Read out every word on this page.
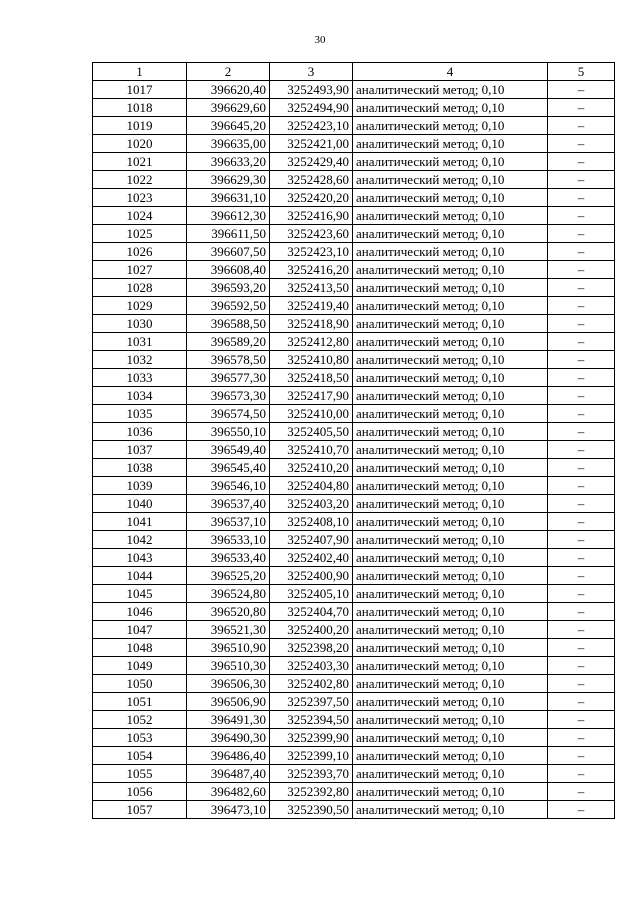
30
1	2	3	4	5
1017	396620,40	3252493,90	аналитический метод; 0,10	–
1018	396629,60	3252494,90	аналитический метод; 0,10	–
1019	396645,20	3252423,10	аналитический метод; 0,10	–
1020	396635,00	3252421,00	аналитический метод; 0,10	–
1021	396633,20	3252429,40	аналитический метод; 0,10	–
1022	396629,30	3252428,60	аналитический метод; 0,10	–
1023	396631,10	3252420,20	аналитический метод; 0,10	–
1024	396612,30	3252416,90	аналитический метод; 0,10	–
1025	396611,50	3252423,60	аналитический метод; 0,10	–
1026	396607,50	3252423,10	аналитический метод; 0,10	–
1027	396608,40	3252416,20	аналитический метод; 0,10	–
1028	396593,20	3252413,50	аналитический метод; 0,10	–
1029	396592,50	3252419,40	аналитический метод; 0,10	–
1030	396588,50	3252418,90	аналитический метод; 0,10	–
1031	396589,20	3252412,80	аналитический метод; 0,10	–
1032	396578,50	3252410,80	аналитический метод; 0,10	–
1033	396577,30	3252418,50	аналитический метод; 0,10	–
1034	396573,30	3252417,90	аналитический метод; 0,10	–
1035	396574,50	3252410,00	аналитический метод; 0,10	–
1036	396550,10	3252405,50	аналитический метод; 0,10	–
1037	396549,40	3252410,70	аналитический метод; 0,10	–
1038	396545,40	3252410,20	аналитический метод; 0,10	–
1039	396546,10	3252404,80	аналитический метод; 0,10	–
1040	396537,40	3252403,20	аналитический метод; 0,10	–
1041	396537,10	3252408,10	аналитический метод; 0,10	–
1042	396533,10	3252407,90	аналитический метод; 0,10	–
1043	396533,40	3252402,40	аналитический метод; 0,10	–
1044	396525,20	3252400,90	аналитический метод; 0,10	–
1045	396524,80	3252405,10	аналитический метод; 0,10	–
1046	396520,80	3252404,70	аналитический метод; 0,10	–
1047	396521,30	3252400,20	аналитический метод; 0,10	–
1048	396510,90	3252398,20	аналитический метод; 0,10	–
1049	396510,30	3252403,30	аналитический метод; 0,10	–
1050	396506,30	3252402,80	аналитический метод; 0,10	–
1051	396506,90	3252397,50	аналитический метод; 0,10	–
1052	396491,30	3252394,50	аналитический метод; 0,10	–
1053	396490,30	3252399,90	аналитический метод; 0,10	–
1054	396486,40	3252399,10	аналитический метод; 0,10	–
1055	396487,40	3252393,70	аналитический метод; 0,10	–
1056	396482,60	3252392,80	аналитический метод; 0,10	–
1057	396473,10	3252390,50	аналитический метод; 0,10	–
